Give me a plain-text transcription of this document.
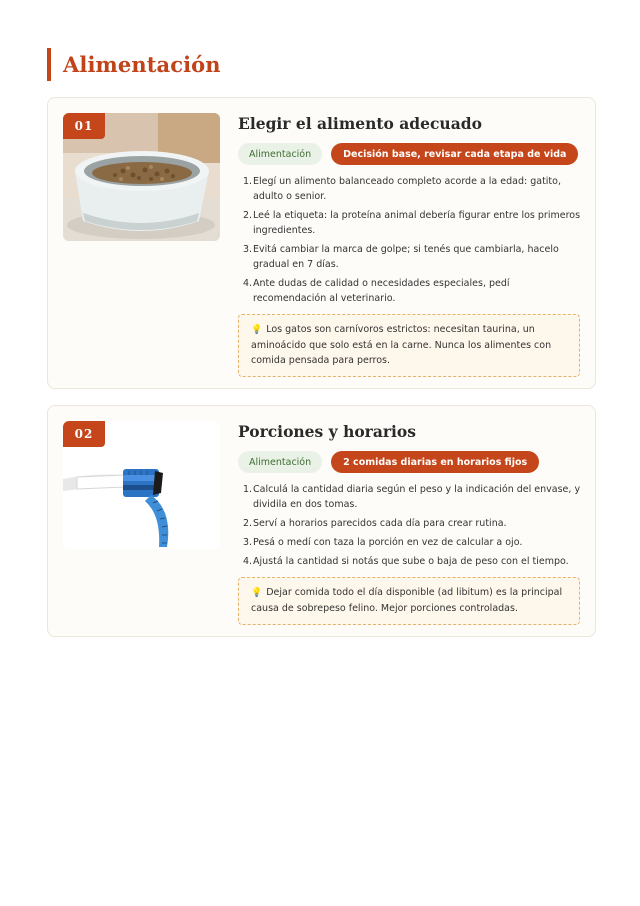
Alimentación
01	Elegir el alimento adecuado
Alimentación	Decisión base, revisar cada etapa de vida
1. Elegí un alimento balanceado completo acorde a la edad: gatito, adulto o senior.
2. Leé la etiqueta: la proteína animal debería figurar entre los primeros ingredientes.
3. Evitá cambiar la marca de golpe; si tenés que cambiarla, hacelo gradual en 7 días.
4. Ante dudas de calidad o necesidades especiales, pedí recomendación al veterinario.
💡 Los gatos son carnívoros estrictos: necesitan taurina, un aminoácido que solo está en la carne. Nunca los alimentes con comida pensada para perros.
02	Porciones y horarios
Alimentación	2 comidas diarias en horarios fijos
1. Calculá la cantidad diaria según el peso y la indicación del envase, y dividila en dos tomas.
2. Serví a horarios parecidos cada día para crear rutina.
3. Pesá o medí con taza la porción en vez de calcular a ojo.
4. Ajustá la cantidad si notás que sube o baja de peso con el tiempo.
💡 Dejar comida todo el día disponible (ad libitum) es la principal causa de sobrepeso felino. Mejor porciones controladas.
